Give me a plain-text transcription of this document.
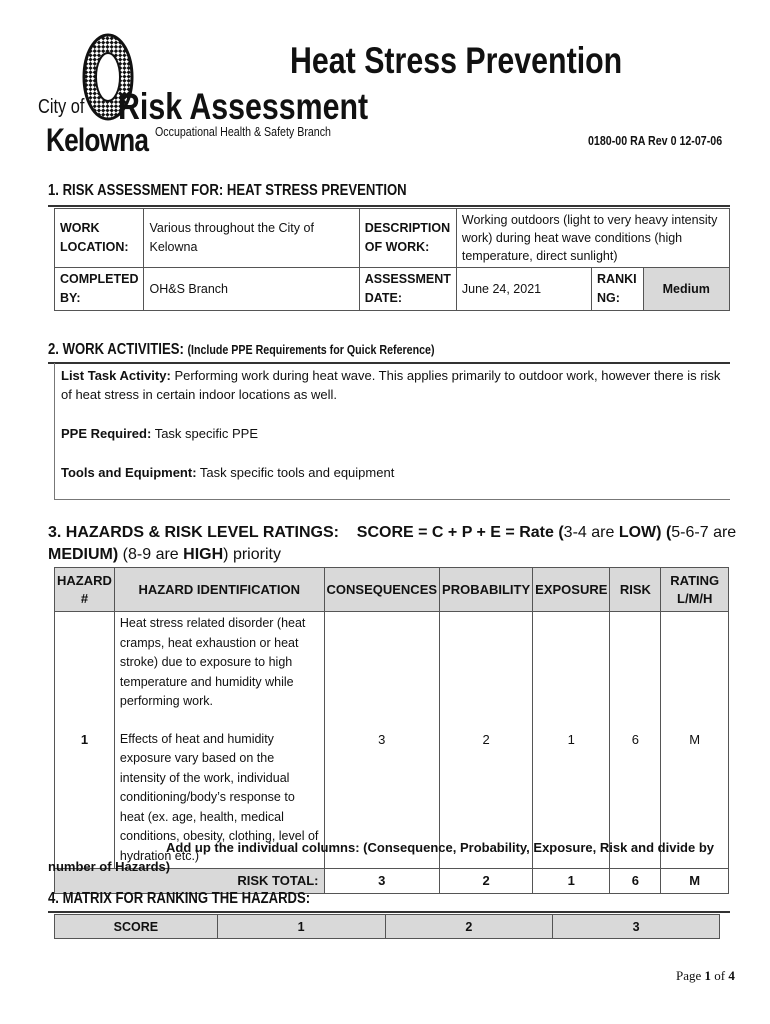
City of
Kelowna
Heat Stress Prevention
Risk Assessment
Occupational Health & Safety Branch
0180-00 RA Rev 0 12-07-06
1. RISK ASSESSMENT FOR: HEAT STRESS PREVENTION
WORK LOCATION:	Various throughout the City of Kelowna	DESCRIPTION OF WORK:	Working outdoors (light to very heavy intensity work) during heat wave conditions (high temperature, direct sunlight)		
COMPLETED BY:	OH&S Branch	ASSESSMENT DATE:	June 24, 2021	RANKING:	Medium
2. WORK ACTIVITIES: (Include PPE Requirements for Quick Reference)

List Task Activity: Performing work during heat wave. This applies primarily to outdoor work, however there is risk of heat stress in certain indoor locations as well.

PPE Required: Task specific PPE

Tools and Equipment: Task specific tools and equipment

3. HAZARDS & RISK LEVEL RATINGS: SCORE = C + P + E = Rate (3-4 are LOW) (5-6-7 are MEDIUM) (8-9 are HIGH) priority
HAZARD #	HAZARD IDENTIFICATION	CONSEQUENCES	PROBABILITY	EXPOSURE	RISK	RATING L/M/H
1	Heat stress related disorder (heat cramps, heat exhaustion or heat stroke) due to exposure to high temperature and humidity while performing work.
Effects of heat and humidity exposure vary based on the intensity of the work, individual conditioning/body’s response to heat (ex. age, health, medical conditions, obesity, clothing, level of hydration etc.)	3	2	1	6	M
RISK TOTAL:		3	2	1	6	M
Add up the individual columns: (Consequence, Probability, Exposure, Risk and divide by number of Hazards)
4. MATRIX FOR RANKING THE HAZARDS:
SCORE	1	2	3
Page 1 of 4
